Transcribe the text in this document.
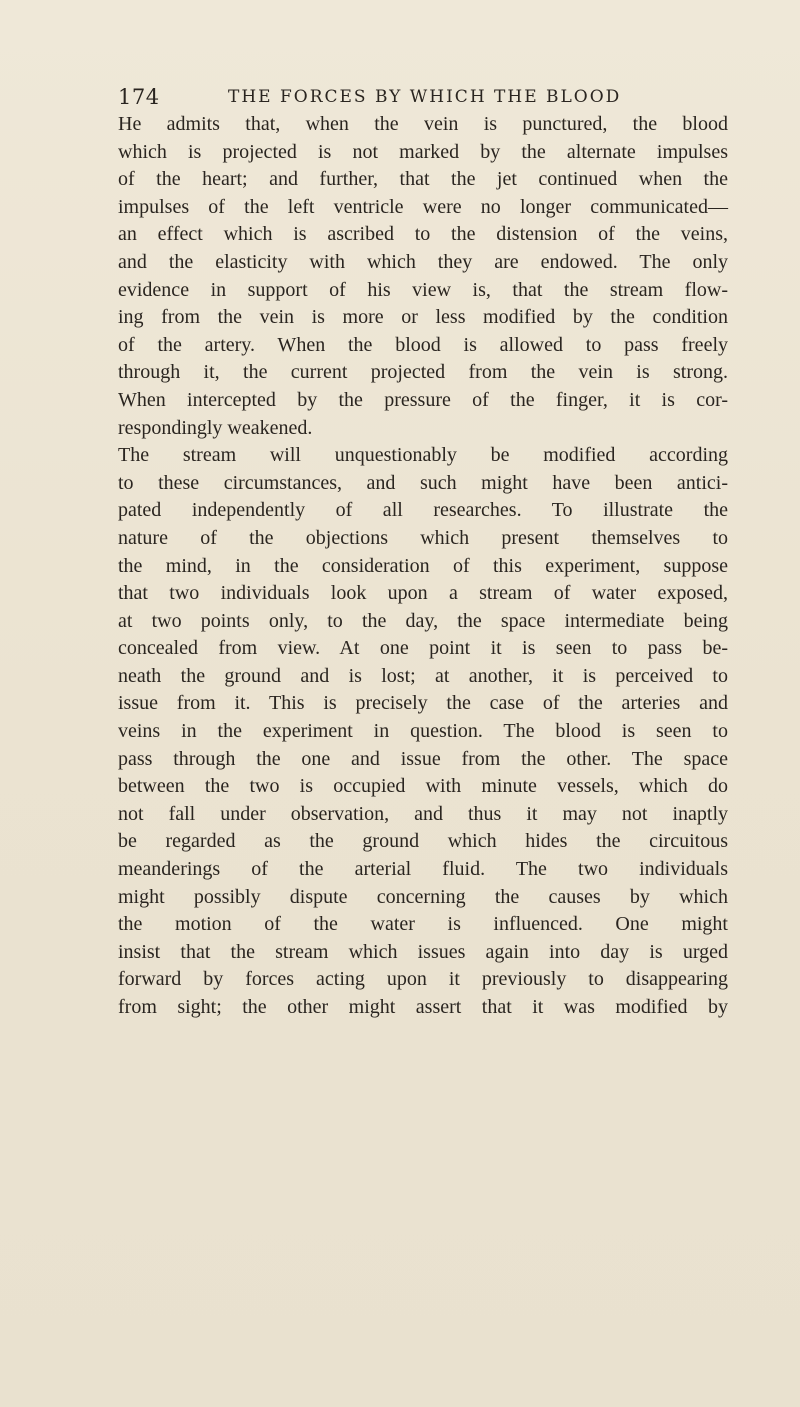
174	THE FORCES BY WHICH THE BLOOD
He admits that, when the vein is punctured, the blood
which is projected is not marked by the alternate impulses
of the heart; and further, that the jet continued when the
impulses of the left ventricle were no longer communicated—
an effect which is ascribed to the distension of the veins,
and the elasticity with which they are endowed. The only
evidence in support of his view is, that the stream flow-
ing from the vein is more or less modified by the condition
of the artery. When the blood is allowed to pass freely
through it, the current projected from the vein is strong.
When intercepted by the pressure of the finger, it is cor-
respondingly weakened.
The stream will unquestionably be modified according
to these circumstances, and such might have been antici-
pated independently of all researches. To illustrate the
nature of the objections which present themselves to
the mind, in the consideration of this experiment, suppose
that two individuals look upon a stream of water exposed,
at two points only, to the day, the space intermediate being
concealed from view. At one point it is seen to pass be-
neath the ground and is lost; at another, it is perceived to
issue from it. This is precisely the case of the arteries and
veins in the experiment in question. The blood is seen to
pass through the one and issue from the other. The space
between the two is occupied with minute vessels, which do
not fall under observation, and thus it may not inaptly
be regarded as the ground which hides the circuitous
meanderings of the arterial fluid. The two individuals
might possibly dispute concerning the causes by which
the motion of the water is influenced. One might
insist that the stream which issues again into day is urged
forward by forces acting upon it previously to disappearing
from sight; the other might assert that it was modified by
